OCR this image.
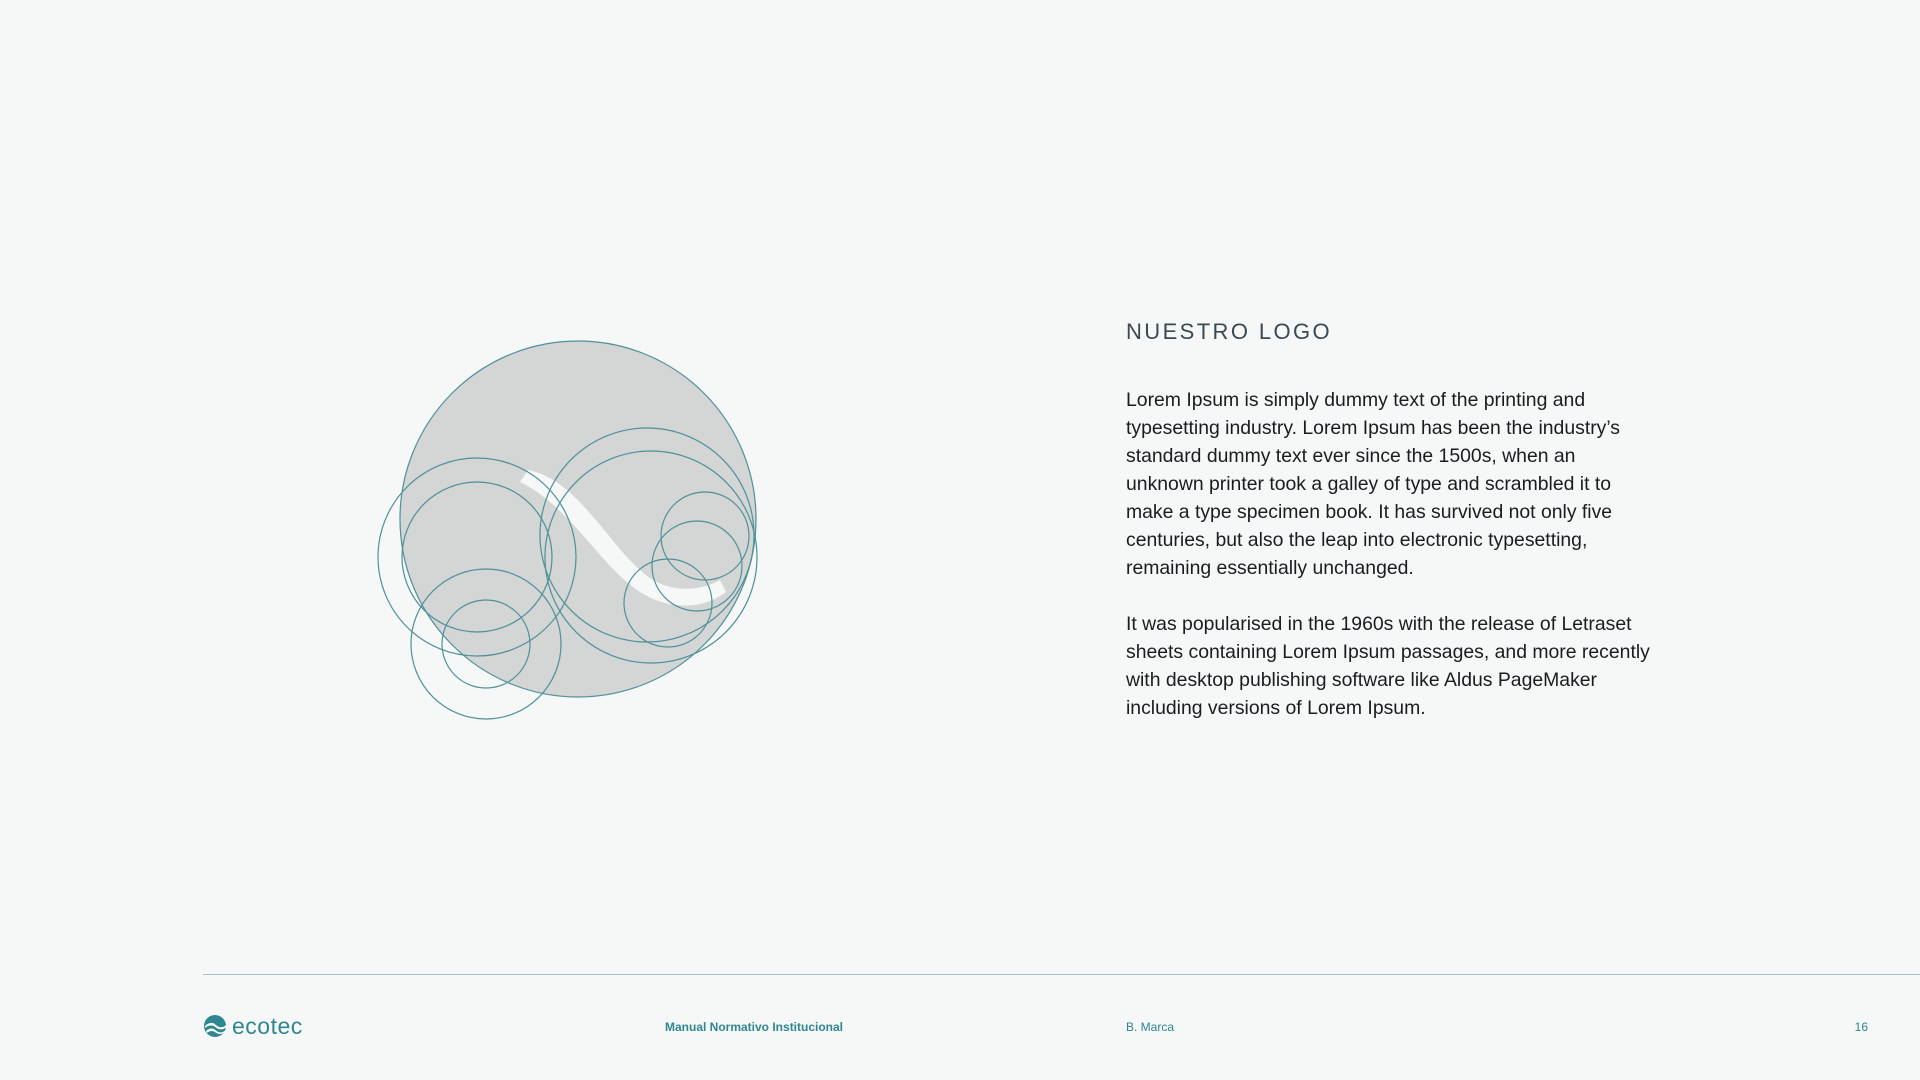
NUESTRO LOGO

Lorem Ipsum is simply dummy text of the printing and typesetting industry. Lorem Ipsum has been the industry’s standard dummy text ever since the 1500s, when an unknown printer took a galley of type and scrambled it to make a type specimen book. It has survived not only five centuries, but also the leap into electronic typesetting, remaining essentially unchanged.

It was popularised in the 1960s with the release of Letraset sheets containing Lorem Ipsum passages, and more recently with desktop publishing software like Aldus PageMaker including versions of Lorem Ipsum.

ecotec	Manual Normativo Institucional	B. Marca	16
